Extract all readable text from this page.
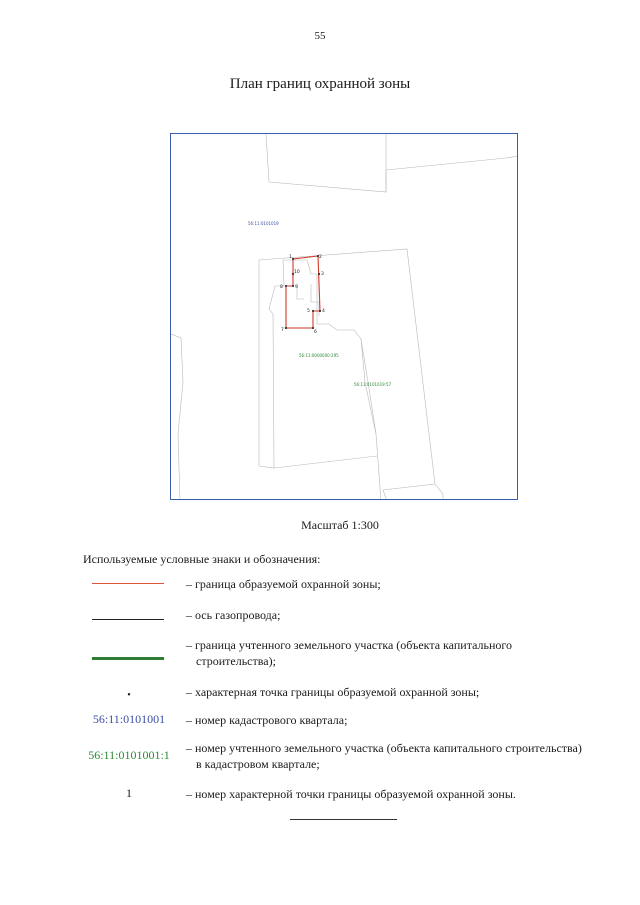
55
План границ охранной зоны
1	2
3
4
5
6
7
8	9
10
56:11:0101019
56:11:0000000:295
56:11:0101019:57
Масштаб 1:300
Используемые условные знаки и обозначения:
– граница образуемой охранной зоны;
– ось газопровода;
– граница учтенного земельного участка (объекта капитального
строительства);
•	– характерная точка границы образуемой охранной зоны;
56:11:0101001	– номер кадастрового квартала;
56:11:0101001:1	– номер учтенного земельного участка (объекта капитального строительства)
в кадастровом квартале;
1	– номер характерной точки границы образуемой охранной зоны.
